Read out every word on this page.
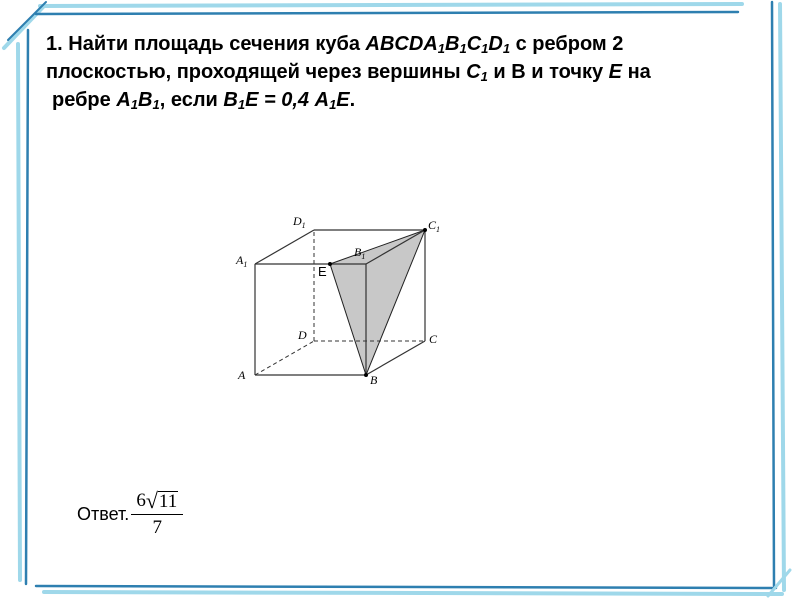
1. Найти площадь сечения куба $ABCDA_1B_1C_1D_1$ с ребром 2
плоскостью, проходящей через вершины $C_1$ и B и точку E на
ребре $A_1B_1$, если $B_1E = 0,4$ $A_1E$.
A	B
C
D
$A_1$
$B_1$
$C_1$
$D_1$
E
Ответ. $\frac{6 √ 11}{7}$
